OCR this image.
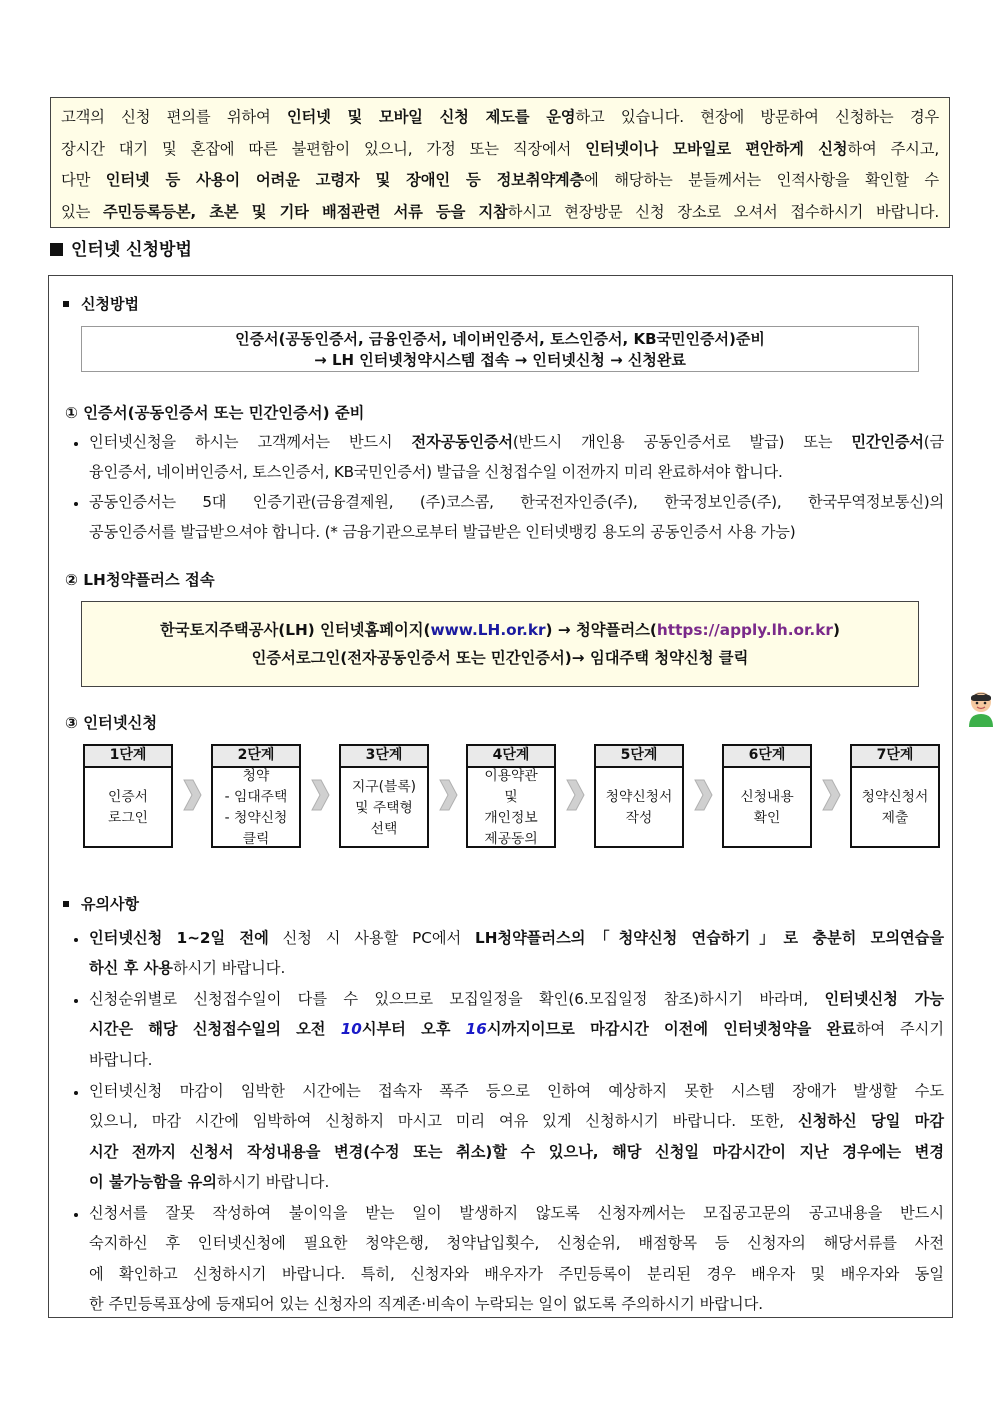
고객의 신청 편의를 위하여 인터넷 및 모바일 신청 제도를 운영하고 있습니다. 현장에 방문하여 신청하는 경우
장시간 대기 및 혼잡에 따른 불편함이 있으니, 가정 또는 직장에서 인터넷이나 모바일로 편안하게 신청하여 주시고,
다만 인터넷 등 사용이 어려운 고령자 및 장애인 등 정보취약계층에 해당하는 분들께서는 인적사항을 확인할 수
있는 주민등록등본, 초본 및 기타 배점관련 서류 등을 지참하시고 현장방문 신청 장소로 오셔서 접수하시기 바랍니다.
인터넷 신청방법
신청방법
인증서(공동인증서, 금융인증서, 네이버인증서, 토스인증서, KB국민인증서)준비
→ LH 인터넷청약시스템 접속 → 인터넷신청 → 신청완료
① 인증서(공동인증서 또는 민간인증서) 준비
인터넷신청을 하시는 고객께서는 반드시 전자공동인증서(반드시 개인용 공동인증서로 발급) 또는 민간인증서(금
융인증서, 네이버인증서, 토스인증서, KB국민인증서) 발급을 신청접수일 이전까지 미리 완료하셔야 합니다.
공동인증서는 5대 인증기관(금융결제원, (주)코스콤, 한국전자인증(주), 한국정보인증(주), 한국무역정보통신)의
공동인증서를 발급받으셔야 합니다. (* 금융기관으로부터 발급받은 인터넷뱅킹 용도의 공동인증서 사용 가능)
② LH청약플러스 접속
한국토지주택공사(LH) 인터넷홈페이지(www.LH.or.kr) → 청약플러스(https://apply.lh.or.kr)
인증서로그인(전자공동인증서 또는 민간인증서)→ 임대주택 청약신청 클릭
③ 인터넷신청
1단계
인증서
로그인
2단계
청약
- 임대주택
- 청약신청
클릭
3단계
지구(블록)
및 주택형
선택
4단계
이용약관
및
개인정보
제공동의
5단계
청약신청서
작성
6단계
신청내용
확인
7단계
청약신청서
제출
유의사항
인터넷신청 1~2일 전에 신청 시 사용할 PC에서 LH청약플러스의「청약신청 연습하기」로 충분히 모의연습을
하신 후 사용하시기 바랍니다.
신청순위별로 신청접수일이 다를 수 있으므로 모집일정을 확인(6.모집일정 참조)하시기 바라며, 인터넷신청 가능
시간은 해당 신청접수일의 오전 10시부터 오후 16시까지이므로 마감시간 이전에 인터넷청약을 완료하여 주시기
바랍니다.
인터넷신청 마감이 임박한 시간에는 접속자 폭주 등으로 인하여 예상하지 못한 시스템 장애가 발생할 수도
있으니, 마감 시간에 임박하여 신청하지 마시고 미리 여유 있게 신청하시기 바랍니다. 또한, 신청하신 당일 마감
시간 전까지 신청서 작성내용을 변경(수정 또는 취소)할 수 있으나, 해당 신청일 마감시간이 지난 경우에는 변경
이 불가능함을 유의하시기 바랍니다.
신청서를 잘못 작성하여 불이익을 받는 일이 발생하지 않도록 신청자께서는 모집공고문의 공고내용을 반드시
숙지하신 후 인터넷신청에 필요한 청약은행, 청약납입횟수, 신청순위, 배점항목 등 신청자의 해당서류를 사전
에 확인하고 신청하시기 바랍니다. 특히, 신청자와 배우자가 주민등록이 분리된 경우 배우자 및 배우자와 동일
한 주민등록표상에 등재되어 있는 신청자의 직계존·비속이 누락되는 일이 없도록 주의하시기 바랍니다.
